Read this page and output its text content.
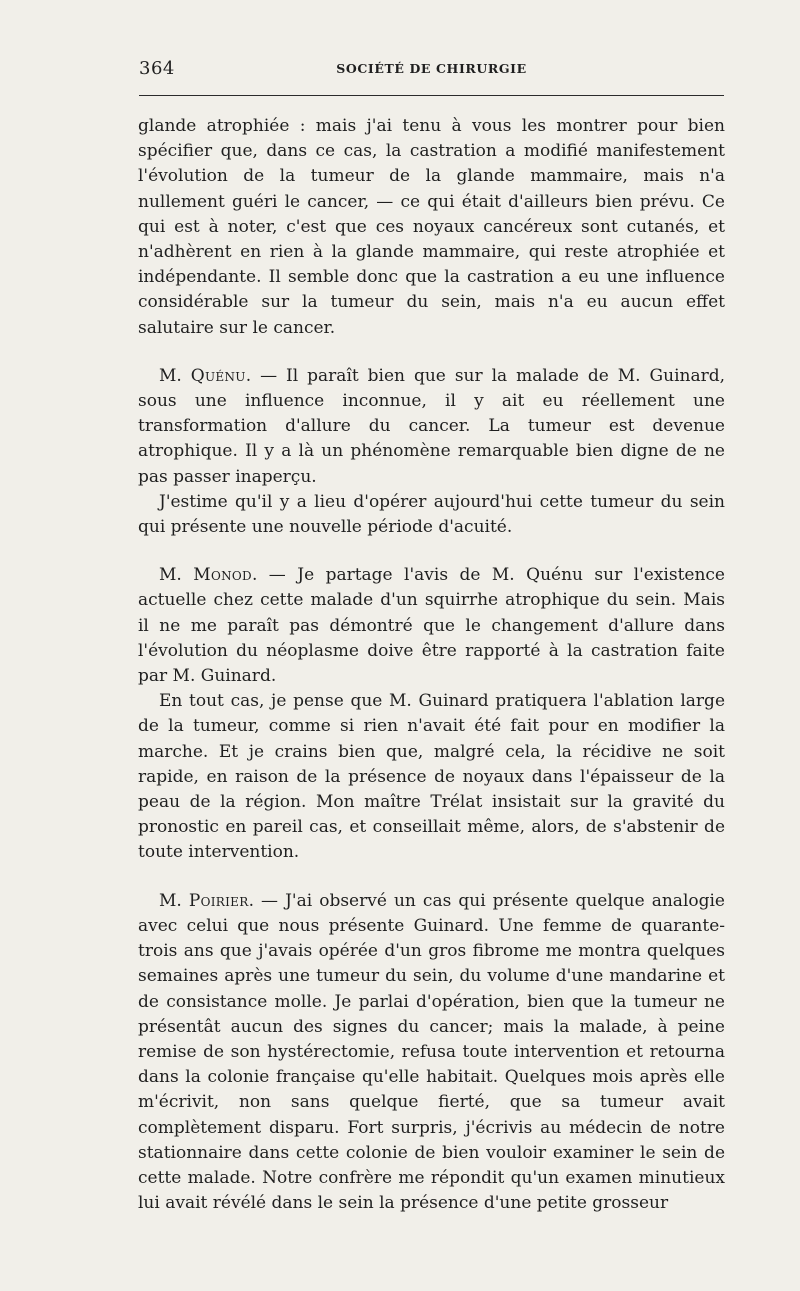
364	SOCIÉTÉ DE CHIRURGIE

glande atrophiée : mais j'ai tenu à vous les montrer pour bien spécifier que, dans ce cas, la castration a modifié manifestement l'évolution de la tumeur de la glande mammaire, mais n'a nullement guéri le cancer, — ce qui était d'ailleurs bien prévu. Ce qui est à noter, c'est que ces noyaux cancéreux sont cutanés, et n'adhèrent en rien à la glande mammaire, qui reste atrophiée et indépendante. Il semble donc que la castration a eu une influence considérable sur la tumeur du sein, mais n'a eu aucun effet salutaire sur le cancer.

M. Quénu. — Il paraît bien que sur la malade de M. Guinard, sous une influence inconnue, il y ait eu réellement une transformation d'allure du cancer. La tumeur est devenue atrophique. Il y a là un phénomène remarquable bien digne de ne pas passer inaperçu.

J'estime qu'il y a lieu d'opérer aujourd'hui cette tumeur du sein qui présente une nouvelle période d'acuité.

M. Monod. — Je partage l'avis de M. Quénu sur l'existence actuelle chez cette malade d'un squirrhe atrophique du sein. Mais il ne me paraît pas démontré que le changement d'allure dans l'évolution du néoplasme doive être rapporté à la castration faite par M. Guinard.

En tout cas, je pense que M. Guinard pratiquera l'ablation large de la tumeur, comme si rien n'avait été fait pour en modifier la marche. Et je crains bien que, malgré cela, la récidive ne soit rapide, en raison de la présence de noyaux dans l'épaisseur de la peau de la région. Mon maître Trélat insistait sur la gravité du pronostic en pareil cas, et conseillait même, alors, de s'abstenir de toute intervention.

M. Poirier. — J'ai observé un cas qui présente quelque analogie avec celui que nous présente Guinard. Une femme de quarante-trois ans que j'avais opérée d'un gros fibrome me montra quelques semaines après une tumeur du sein, du volume d'une mandarine et de consistance molle. Je parlai d'opération, bien que la tumeur ne présentât aucun des signes du cancer; mais la malade, à peine remise de son hystérectomie, refusa toute intervention et retourna dans la colonie française qu'elle habitait. Quelques mois après elle m'écrivit, non sans quelque fierté, que sa tumeur avait complètement disparu. Fort surpris, j'écrivis au médecin de notre stationnaire dans cette colonie de bien vouloir examiner le sein de cette malade. Notre confrère me répondit qu'un examen minutieux lui avait révélé dans le sein la présence d'une petite grosseur
